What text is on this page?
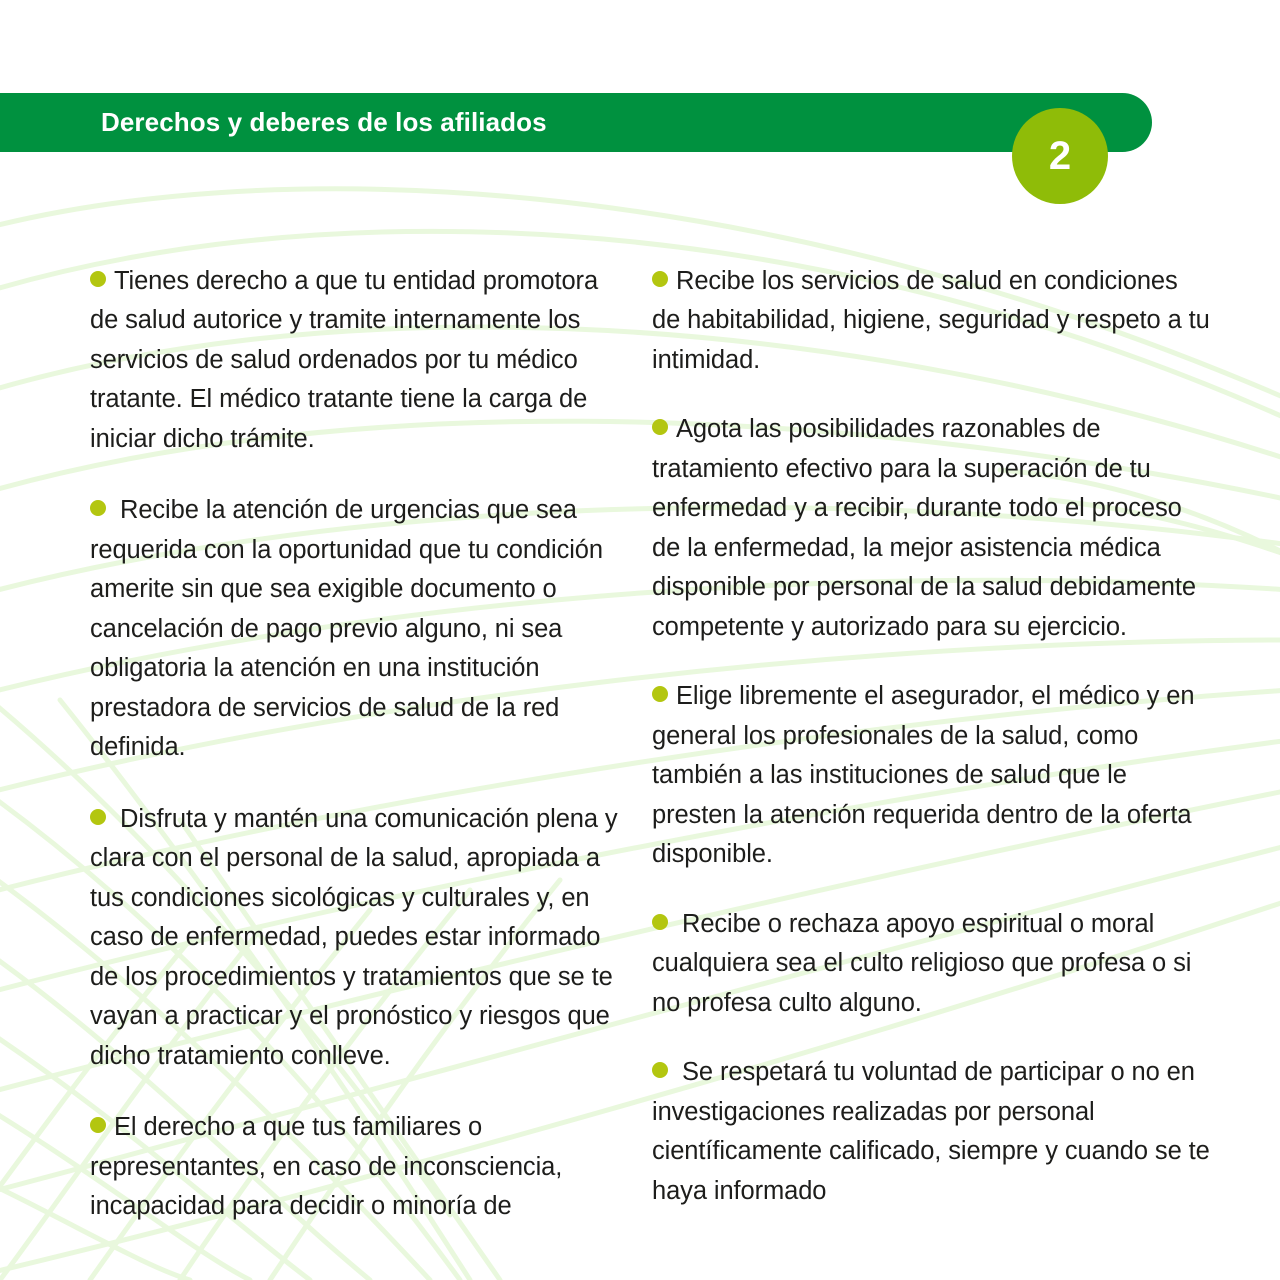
Derechos y deberes de los afiliados
2

Tienes derecho a que tu entidad promotora de salud autorice y tramite internamente los servicios de salud ordenados por tu médico tratante. El médico tratante tiene la carga de iniciar dicho trámite.

Recibe la atención de urgencias que sea requerida con la oportunidad que tu condición amerite sin que sea exigible documento o cancelación de pago previo alguno, ni sea obligatoria la atención en una institución prestadora de servicios de salud de la red definida.

Disfruta y mantén una comunicación plena y clara con el personal de la salud, apropiada a tus condiciones sicológicas y culturales y, en caso de enfermedad, puedes estar informado de los procedimientos y tratamientos que se te vayan a practicar y el pronóstico y riesgos que dicho tratamiento conlleve.

El derecho a que tus familiares o representantes, en caso de inconsciencia, incapacidad para decidir o minoría de

Recibe los servicios de salud en condiciones de habitabilidad, higiene, seguridad y respeto a tu intimidad.

Agota las posibilidades razonables de tratamiento efectivo para la superación de tu enfermedad y a recibir, durante todo el proceso de la enfermedad, la mejor asistencia médica disponible por personal de la salud debidamente competente y autorizado para su ejercicio.

Elige libremente el asegurador, el médico y en general los profesionales de la salud, como también a las instituciones de salud que le presten la atención requerida dentro de la oferta disponible.

Recibe o rechaza apoyo espiritual o moral cualquiera sea el culto religioso que profesa o si no profesa culto alguno.

Se respetará tu voluntad de participar o no en investigaciones realizadas por personal científicamente calificado, siempre y cuando se te haya informado
